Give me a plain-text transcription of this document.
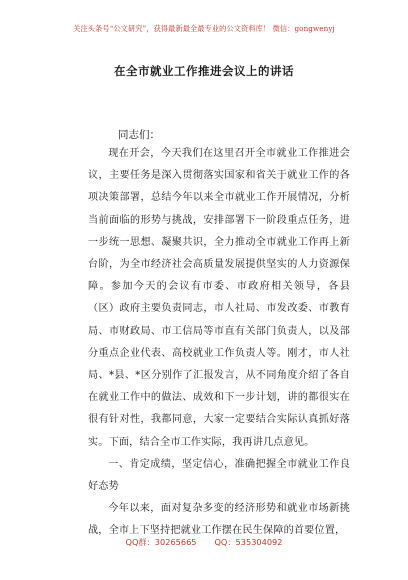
关注头条号“公文研究”，获得最新最全最专业的公文资料库！ 微信：gongwenyj
在全市就业工作推进会议上的讲话
同志们：

现在开会，今天我们在这里召开全市就业工作推进会议，主要任务是深入贯彻落实国家和省关于就业工作的各项决策部署，总结今年以来全市就业工作开展情况，分析当前面临的形势与挑战，安排部署下一阶段重点任务，进一步统一思想、凝聚共识，全力推动全市就业工作再上新台阶，为全市经济社会高质量发展提供坚实的人力资源保障。参加今天的会议有市委、市政府相关领导，各县（区）政府主要负责同志，市人社局、市发改委、市教育局、市财政局、市工信局等市直有关部门负责人，以及部分重点企业代表、高校就业工作负责人等。刚才，市人社局、*县、*区分别作了汇报发言，从不同角度介绍了各自在就业工作中的做法、成效和下一步计划，讲的都很实在很有针对性，我都同意，大家一定要结合实际认真抓好落实。下面，结合全市工作实际，我再讲几点意见。

一、肯定成绩，坚定信心，准确把握全市就业工作良好态势

今年以来，面对复杂多变的经济形势和就业市场新挑战，全市上下坚持把就业工作摆在民生保障的首要位置，

QQ群：30265665 QQ：535304092
